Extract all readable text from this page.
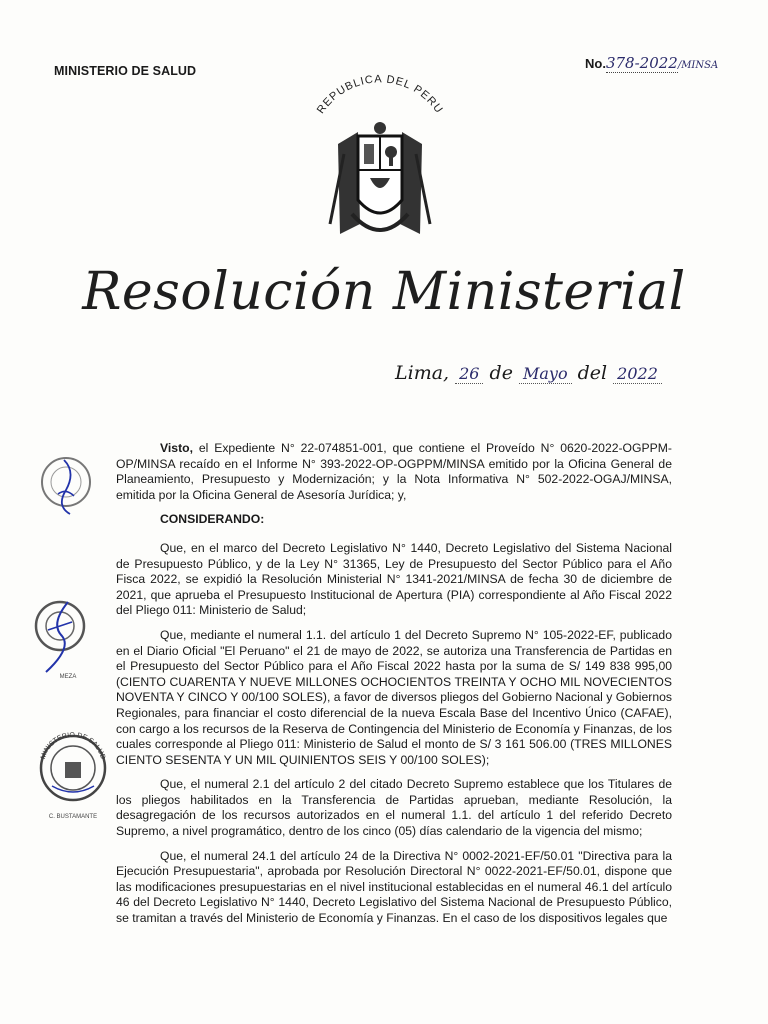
MINISTERIO DE SALUD	No.378-2022/MINSA
REPUBLICA DEL PERU
Resolución Ministerial
Lima, 26 de Mayo del 2022

Visto, el Expediente N° 22-074851-001, que contiene el Proveído N° 0620-2022-OGPPM-OP/MINSA recaído en el Informe N° 393-2022-OP-OGPPM/MINSA emitido por la Oficina General de Planeamiento, Presupuesto y Modernización; y la Nota Informativa N° 502-2022-OGAJ/MINSA, emitida por la Oficina General de Asesoría Jurídica; y,

CONSIDERANDO:

Que, en el marco del Decreto Legislativo N° 1440, Decreto Legislativo del Sistema Nacional de Presupuesto Público, y de la Ley N° 31365, Ley de Presupuesto del Sector Público para el Año Fisca 2022, se expidió la Resolución Ministerial N° 1341-2021/MINSA de fecha 30 de diciembre de 2021, que aprueba el Presupuesto Institucional de Apertura (PIA) correspondiente al Año Fiscal 2022 del Pliego 011: Ministerio de Salud;

Que, mediante el numeral 1.1. del artículo 1 del Decreto Supremo N° 105-2022-EF, publicado en el Diario Oficial "El Peruano" el 21 de mayo de 2022, se autoriza una Transferencia de Partidas en el Presupuesto del Sector Público para el Año Fiscal 2022 hasta por la suma de S/ 149 838 995,00 (CIENTO CUARENTA Y NUEVE MILLONES OCHOCIENTOS TREINTA Y OCHO MIL NOVECIENTOS NOVENTA Y CINCO Y 00/100 SOLES), a favor de diversos pliegos del Gobierno Nacional y Gobiernos Regionales, para financiar el costo diferencial de la nueva Escala Base del Incentivo Único (CAFAE), con cargo a los recursos de la Reserva de Contingencia del Ministerio de Economía y Finanzas, de los cuales corresponde al Pliego 011: Ministerio de Salud el monto de S/ 3 161 506.00 (TRES MILLONES CIENTO SESENTA Y UN MIL QUINIENTOS SEIS Y 00/100 SOLES);

Que, el numeral 2.1 del artículo 2 del citado Decreto Supremo establece que los Titulares de los pliegos habilitados en la Transferencia de Partidas aprueban, mediante Resolución, la desagregación de los recursos autorizados en el numeral 1.1. del artículo 1 del referido Decreto Supremo, a nivel programático, dentro de los cinco (05) días calendario de la vigencia del mismo;

Que, el numeral 24.1 del artículo 24 de la Directiva N° 0002-2021-EF/50.01 "Directiva para la Ejecución Presupuestaria", aprobada por Resolución Directoral N° 0022-2021-EF/50.01, dispone que las modificaciones presupuestarias en el nivel institucional establecidas en el numeral 46.1 del artículo 46 del Decreto Legislativo N° 1440, Decreto Legislativo del Sistema Nacional de Presupuesto Público, se tramitan a través del Ministerio de Economía y Finanzas. En el caso de los dispositivos legales que

MEZA
MINISTERIO DE SALUD
C. BUSTAMANTE
